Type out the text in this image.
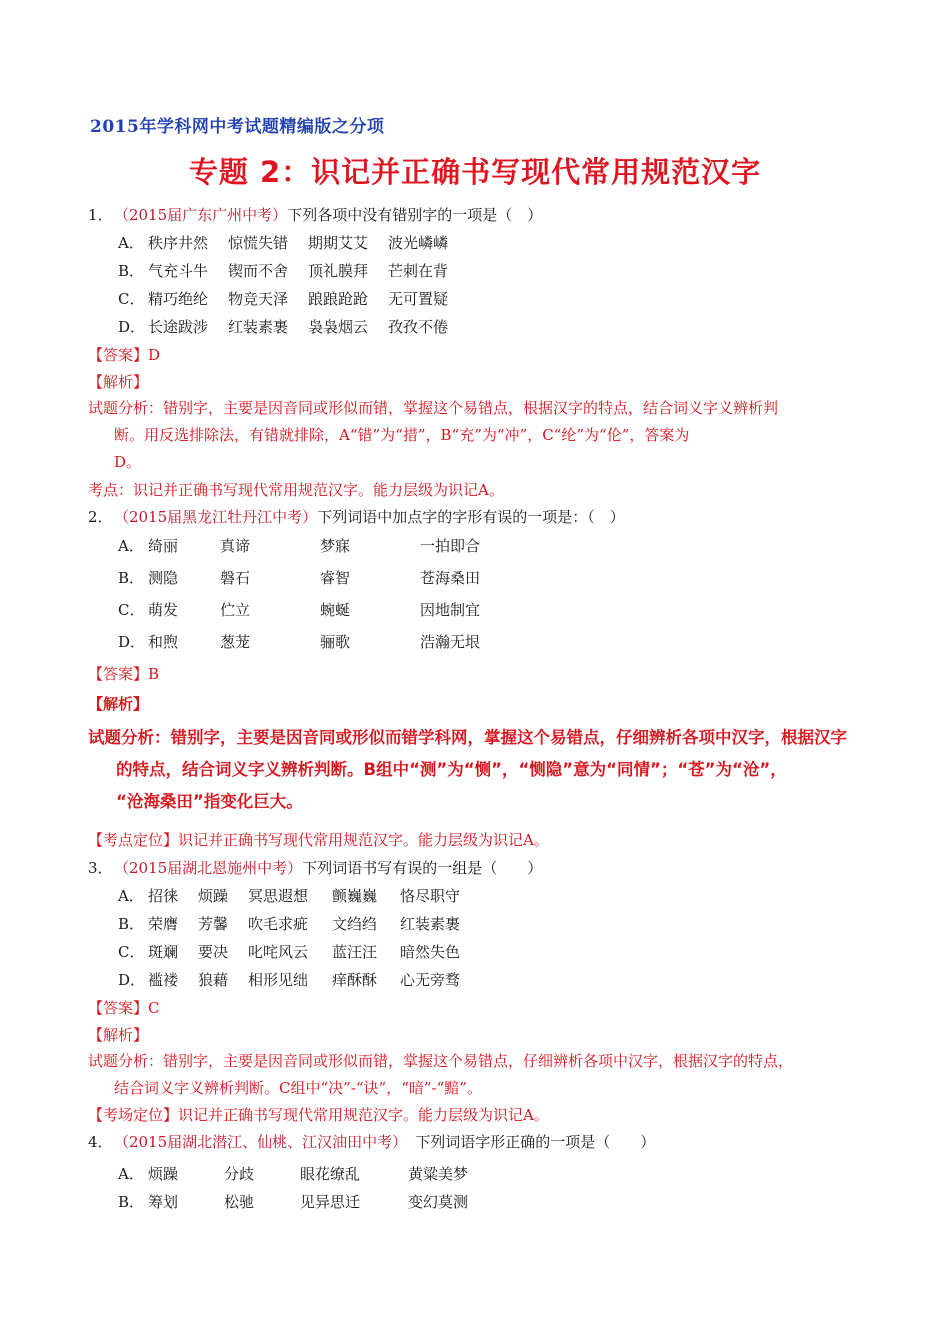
2015年学科网中考试题精编版之分项
专题 2：识记并正确书写现代常用规范汉字
1．（2015届广东广州中考）下列各项中没有错别字的一项是（　）
A． 秩序井然 惊慌失错 期期艾艾 波光嶙嶙
B． 气充斗牛 锲而不舍 顶礼膜拜 芒刺在背
C． 精巧绝纶 物竞天泽 踉踉跄跄 无可置疑
D． 长途跋涉 红装素裹 袅袅烟云 孜孜不倦
【答案】D
【解析】
试题分析：错别字，主要是因音同或形似而错，掌握这个易错点，根据汉字的特点，结合词义字义辨析判
断。用反选排除法，有错就排除，A“错”为“措”，B“充”为“冲”，C“纶”为“伦”，答案为
D。
考点：识记并正确书写现代常用规范汉字。能力层级为识记A。
2．（2015届黑龙江牡丹江中考）下列词语中加点字的字形有误的一项是：（　）
A． 绮丽	真谛	梦寐	一拍即合
B． 测隐	磐石	睿智	苍海桑田
C． 萌发	伫立	蜿蜒	因地制宜
D． 和煦	葱茏	骊歌	浩瀚无垠
【答案】B
【解析】
试题分析：错别字，主要是因音同或形似而错学科网，掌握这个易错点，仔细辨析各项中汉字，根据汉字
的特点，结合词义字义辨析判断。B组中“测”为“恻”，“恻隐”意为“同情”；“苍”为“沧”，
“沧海桑田”指变化巨大。
【考点定位】识记并正确书写现代常用规范汉字。能力层级为识记A。
3．（2015届湖北恩施州中考）下列词语书写有误的一组是（　　）
A． 招徕 烦躁 冥思遐想 颤巍巍 恪尽职守
B． 荣膺 芳馨 吹毛求疵 文绉绉 红装素裹
C． 斑斓 要决 叱咤风云 蓝汪汪 暗然失色
D． 褴褛 狼藉 相形见绌 痒酥酥 心无旁骛
【答案】C
【解析】
试题分析：错别字，主要是因音同或形似而错，掌握这个易错点，仔细辨析各项中汉字，根据汉字的特点，
结合词义字义辨析判断。C组中“决”-“诀”，“暗”-“黯”。
【考场定位】识记并正确书写现代常用规范汉字。能力层级为识记A。
4．（2015届湖北潜江、仙桃、江汉油田中考） 下列词语字形正确的一项是（　　）
A． 烦躁	分歧	眼花缭乱	黄粱美梦
B． 筹划	松驰	见异思迁	变幻莫测
